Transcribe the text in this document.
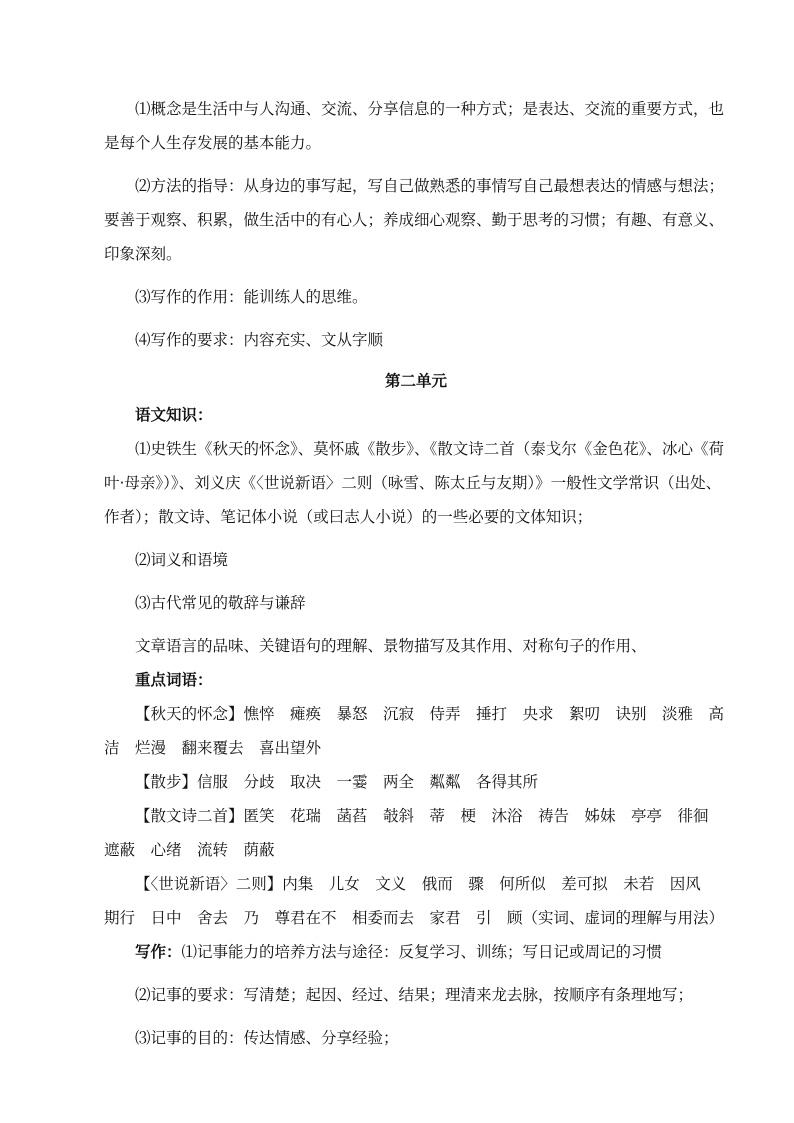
⑴概念是生活中与人沟通、交流、分享信息的一种方式；是表达、交流的重要方式，也是每个人生存发展的基本能力。

⑵方法的指导：从身边的事写起，写自己做熟悉的事情写自己最想表达的情感与想法；要善于观察、积累，做生活中的有心人；养成细心观察、勤于思考的习惯；有趣、有意义、印象深刻。

⑶写作的作用：能训练人的思维。

⑷写作的要求：内容充实、文从字顺

第二单元

语文知识：

⑴史铁生《秋天的怀念》、莫怀戚《散步》、《散文诗二首（泰戈尔《金色花》、冰心《荷叶·母亲》）》、刘义庆《〈世说新语〉二则（咏雪、陈太丘与友期）》一般性文学常识（出处、作者）；散文诗、笔记体小说（或曰志人小说）的一些必要的文体知识；

⑵词义和语境

⑶古代常见的敬辞与谦辞

文章语言的品味、关键语句的理解、景物描写及其作用、对称句子的作用、

重点词语：

【秋天的怀念】憔悴　瘫痪　暴怒　沉寂　侍弄　捶打　央求　絮叨　诀别　淡雅　高洁　烂漫　翻来覆去　喜出望外

【散步】信服　分歧　取决　一霎　两全　粼粼　各得其所

【散文诗二首】匿笑　花瑞　菡萏　攲斜　蒂　梗　沐浴　祷告　姊妹　亭亭　徘徊　遮蔽　心绪　流转　荫蔽

【〈世说新语〉二则】内集　儿女　文义　俄而　骤　何所似　差可拟　未若　因风　期行　日中　舍去　乃　尊君在不　相委而去　家君　引　顾（实词、虚词的理解与用法）

写作：⑴记事能力的培养方法与途径：反复学习、训练；写日记或周记的习惯

⑵记事的要求：写清楚；起因、经过、结果；理清来龙去脉，按顺序有条理地写；

⑶记事的目的：传达情感、分享经验；
